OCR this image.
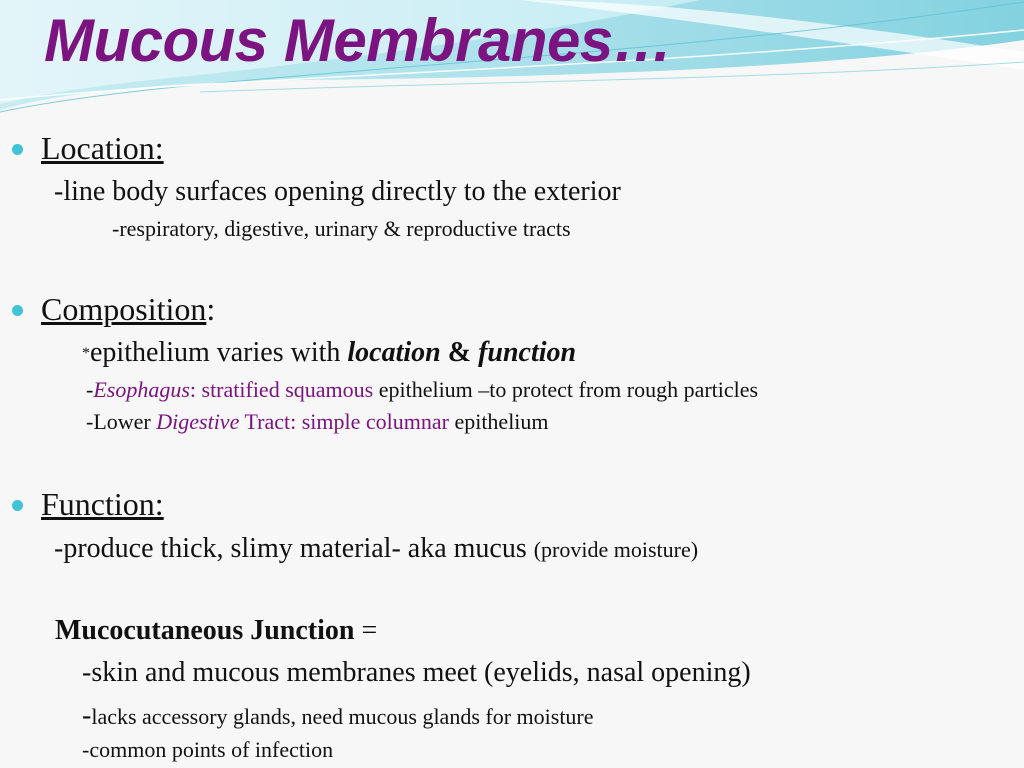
Mucous Membranes…
Location:
-line body surfaces opening directly to the exterior
-respiratory, digestive, urinary & reproductive tracts
Composition:
*epithelium varies with location & function
-Esophagus: stratified squamous epithelium –to protect from rough particles
-Lower Digestive Tract: simple columnar epithelium
Function:
-produce thick, slimy material- aka mucus (provide moisture)
Mucocutaneous Junction =
-skin and mucous membranes meet (eyelids, nasal opening)
-lacks accessory glands, need mucous glands for moisture
-common points of infection
